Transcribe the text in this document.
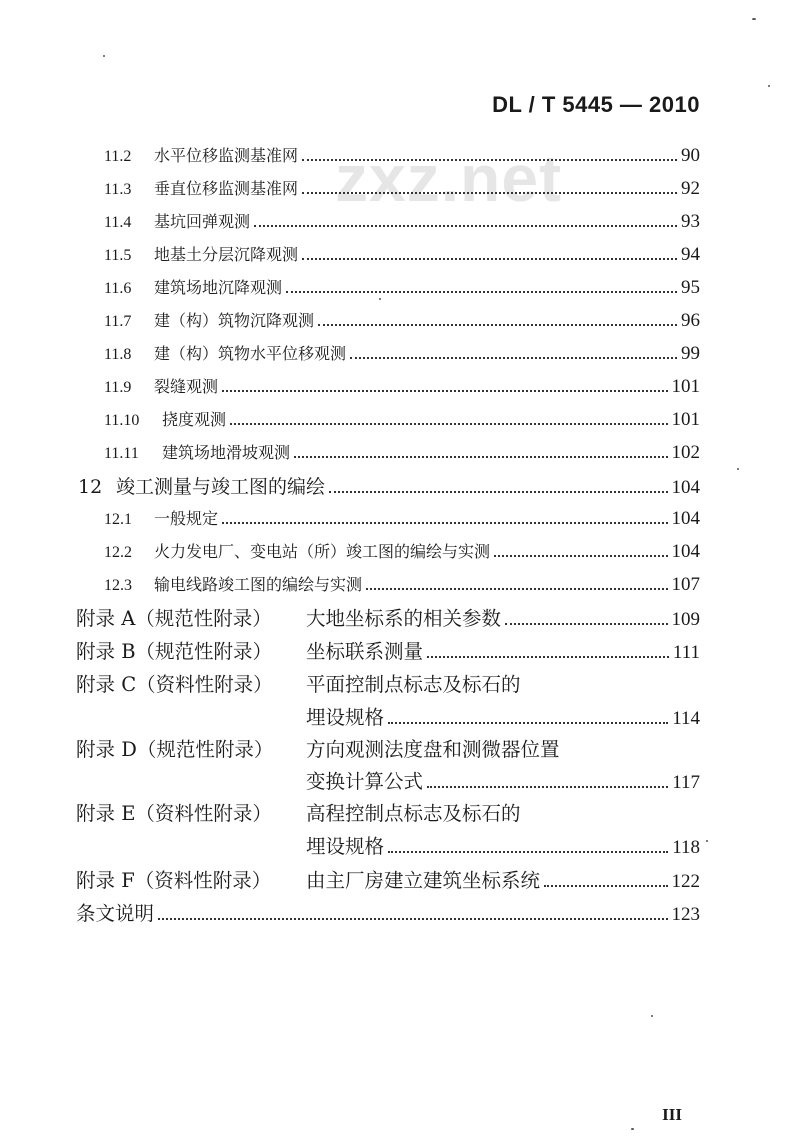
zxz.net
DL / T 5445 — 2010
11.2	水平位移监测基准网	90
11.3	垂直位移监测基准网	92
11.4	基坑回弹观测	93
11.5	地基土分层沉降观测	94
11.6	建筑场地沉降观测	95
11.7	建（构）筑物沉降观测	96
11.8	建（构）筑物水平位移观测	99
11.9	裂缝观测	101
11.10	挠度观测	101
11.11	建筑场地滑坡观测	102
12 竣工测量与竣工图的编绘	104
12.1	一般规定	104
12.2	火力发电厂、变电站（所）竣工图的编绘与实测	104
12.3	输电线路竣工图的编绘与实测	107
附录 A（规范性附录）	大地坐标系的相关参数	109
附录 B（规范性附录）	坐标联系测量	111
附录 C（资料性附录）	平面控制点标志及标石的
埋设规格	114
附录 D（规范性附录）	方向观测法度盘和测微器位置
变换计算公式	117
附录 E（资料性附录）	高程控制点标志及标石的
埋设规格	118
附录 F（资料性附录）	由主厂房建立建筑坐标系统	122
条文说明	123
III
